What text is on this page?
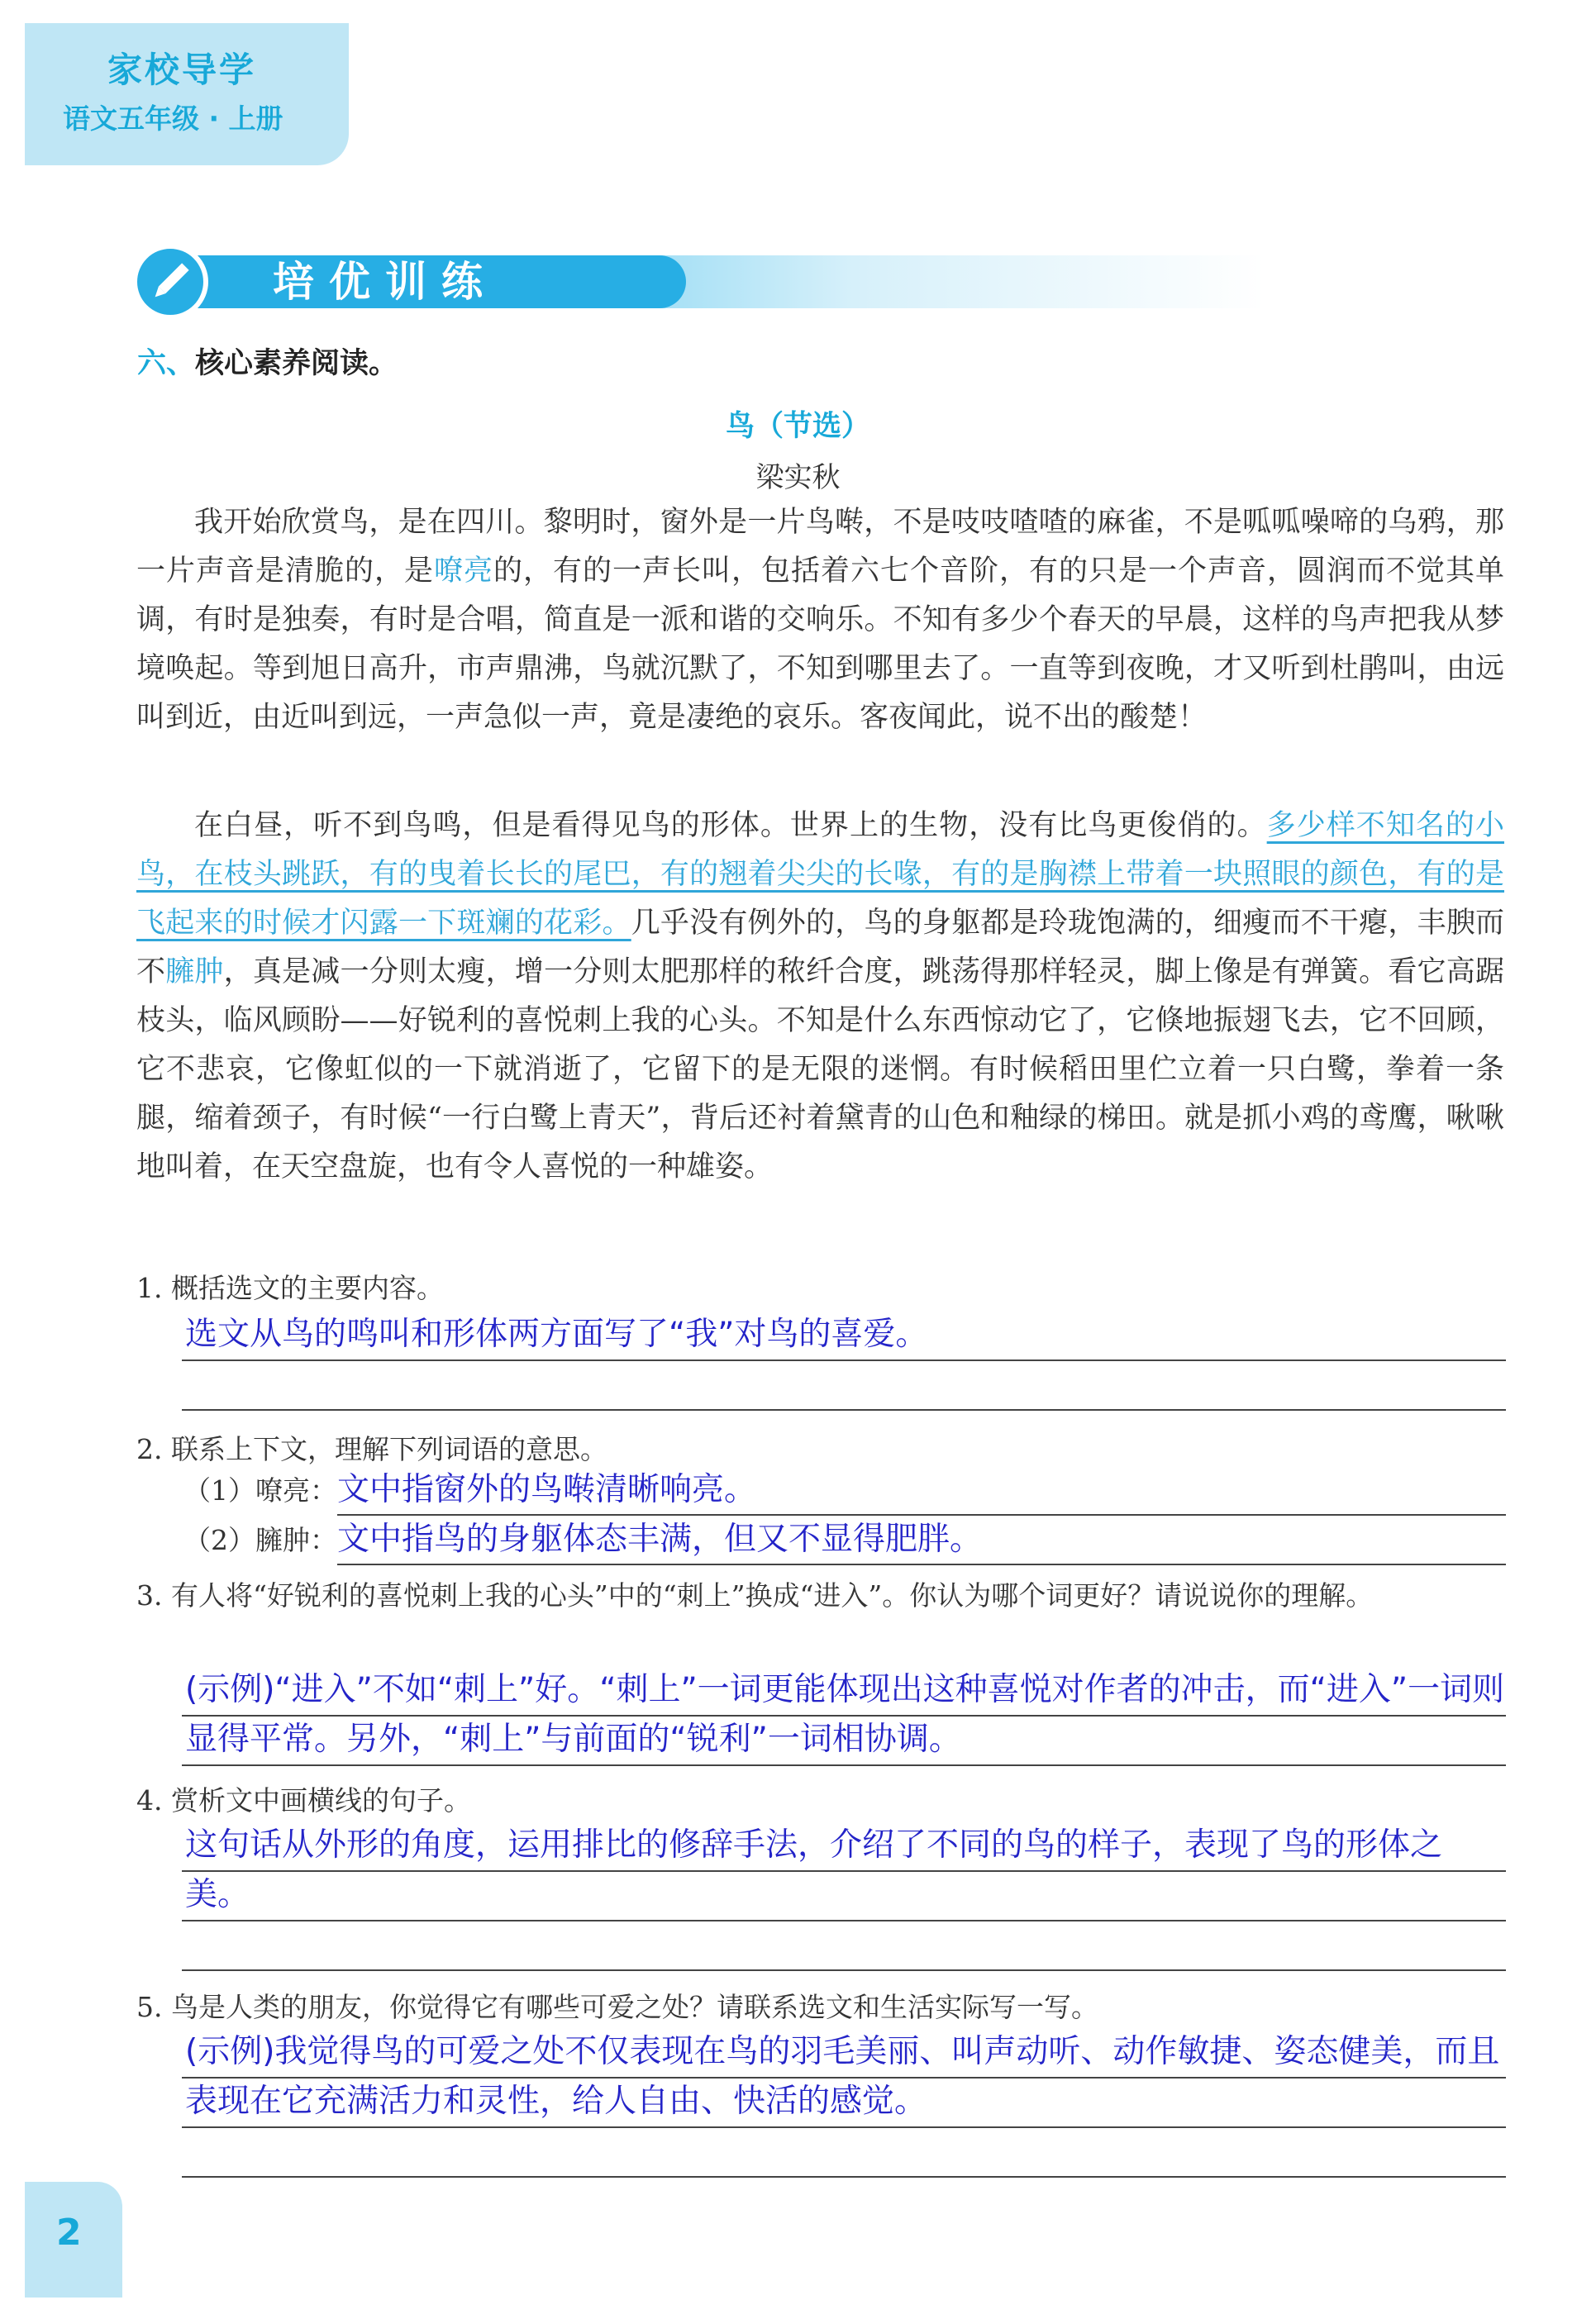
家校导学
语文五年级 · 上册
培优训练
六、核心素养阅读。
鸟（节选）
梁实秋
我开始欣赏鸟，是在四川。黎明时，窗外是一片鸟啭，不是吱吱喳喳的麻雀，不是呱呱噪啼的乌鸦，那一片声音是清脆的，是嘹亮的，有的一声长叫，包括着六七个音阶，有的只是一个声音，圆润而不觉其单调，有时是独奏，有时是合唱，简直是一派和谐的交响乐。不知有多少个春天的早晨，这样的鸟声把我从梦境唤起。等到旭日高升，市声鼎沸，鸟就沉默了，不知到哪里去了。一直等到夜晚，才又听到杜鹃叫，由远叫到近，由近叫到远，一声急似一声，竟是凄绝的哀乐。客夜闻此，说不出的酸楚！
在白昼，听不到鸟鸣，但是看得见鸟的形体。世界上的生物，没有比鸟更俊俏的。多少样不知名的小鸟，在枝头跳跃，有的曳着长长的尾巴，有的翘着尖尖的长喙，有的是胸襟上带着一块照眼的颜色，有的是飞起来的时候才闪露一下斑斓的花彩。几乎没有例外的，鸟的身躯都是玲珑饱满的，细瘦而不干瘪，丰腴而不臃肿，真是减一分则太瘦，增一分则太肥那样的秾纤合度，跳荡得那样轻灵，脚上像是有弹簧。看它高踞枝头，临风顾盼——好锐利的喜悦刺上我的心头。不知是什么东西惊动它了，它倏地振翅飞去，它不回顾，它不悲哀，它像虹似的一下就消逝了，它留下的是无限的迷惘。有时候稻田里伫立着一只白鹭，拳着一条腿，缩着颈子，有时候“一行白鹭上青天”，背后还衬着黛青的山色和釉绿的梯田。就是抓小鸡的鸢鹰，啾啾地叫着，在天空盘旋，也有令人喜悦的一种雄姿。
1. 概括选文的主要内容。
选文从鸟的鸣叫和形体两方面写了“我”对鸟的喜爱。
2. 联系上下文，理解下列词语的意思。
（1）嘹亮：文中指窗外的鸟啭清晰响亮。
（2）臃肿：文中指鸟的身躯体态丰满，但又不显得肥胖。
3. 有人将“好锐利的喜悦刺上我的心头”中的“刺上”换成“进入”。你认为哪个词更好？请说说你的理解。
(示例)“进入”不如“刺上”好。“刺上”一词更能体现出这种喜悦对作者的冲击，而“进入”一词则显得平常。另外，“刺上”与前面的“锐利”一词相协调。
4. 赏析文中画横线的句子。
这句话从外形的角度，运用排比的修辞手法，介绍了不同的鸟的样子，表现了鸟的形体之美。
5. 鸟是人类的朋友，你觉得它有哪些可爱之处？请联系选文和生活实际写一写。
(示例)我觉得鸟的可爱之处不仅表现在鸟的羽毛美丽、叫声动听、动作敏捷、姿态健美，而且表现在它充满活力和灵性，给人自由、快活的感觉。
2
